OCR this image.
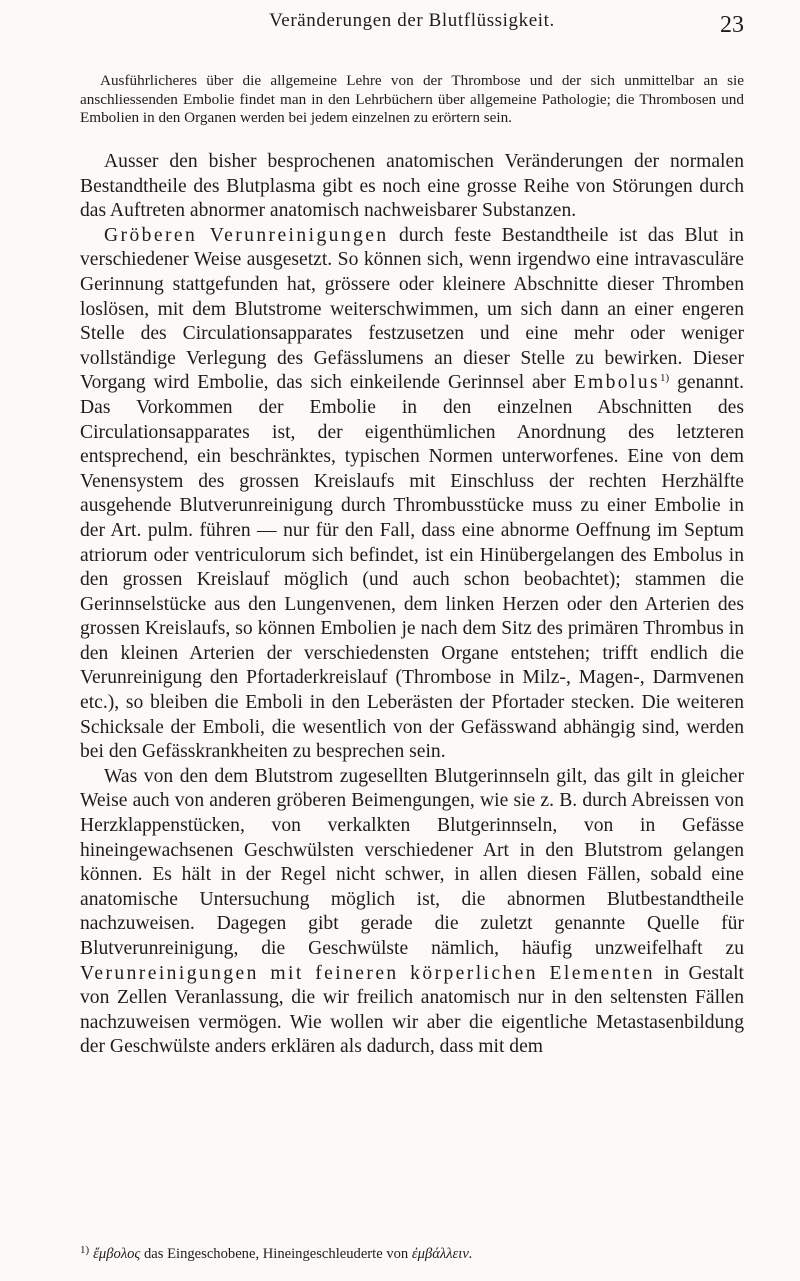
Veränderungen der Blutflüssigkeit.	23

Ausführlicheres über die allgemeine Lehre von der Thrombose und der sich unmittelbar an sie anschliessenden Embolie findet man in den Lehrbüchern über allgemeine Pathologie; die Thrombosen und Embolien in den Organen werden bei jedem einzelnen zu erörtern sein.

Ausser den bisher besprochenen anatomischen Veränderungen der normalen Bestandtheile des Blutplasma gibt es noch eine grosse Reihe von Störungen durch das Auftreten abnormer anatomisch nachweisbarer Substanzen.

Gröberen Verunreinigungen durch feste Bestandtheile ist das Blut in verschiedener Weise ausgesetzt. So können sich, wenn irgendwo eine intravasculäre Gerinnung stattgefunden hat, grössere oder kleinere Abschnitte dieser Thromben loslösen, mit dem Blutstrome weiterschwimmen, um sich dann an einer engeren Stelle des Circulationsapparates festzusetzen und eine mehr oder weniger vollständige Verlegung des Gefässlumens an dieser Stelle zu bewirken. Dieser Vorgang wird Embolie, das sich einkeilende Gerinnsel aber Embolus$^{1)}$ genannt. Das Vorkommen der Embolie in den einzelnen Abschnitten des Circulationsapparates ist, der eigenthümlichen Anordnung des letzteren entsprechend, ein beschränktes, typischen Normen unterworfenes. Eine von dem Venensystem des grossen Kreislaufs mit Einschluss der rechten Herzhälfte ausgehende Blutverunreinigung durch Thrombusstücke muss zu einer Embolie in der Art. pulm. führen — nur für den Fall, dass eine abnorme Oeffnung im Septum atriorum oder ventriculorum sich befindet, ist ein Hinübergelangen des Embolus in den grossen Kreislauf möglich (und auch schon beobachtet); stammen die Gerinnselstücke aus den Lungenvenen, dem linken Herzen oder den Arterien des grossen Kreislaufs, so können Embolien je nach dem Sitz des primären Thrombus in den kleinen Arterien der verschiedensten Organe entstehen; trifft endlich die Verunreinigung den Pfortaderkreislauf (Thrombose in Milz-, Magen-, Darmvenen etc.), so bleiben die Emboli in den Leberästen der Pfortader stecken. Die weiteren Schicksale der Emboli, die wesentlich von der Gefässwand abhängig sind, werden bei den Gefässkrankheiten zu besprechen sein.

Was von den dem Blutstrom zugesellten Blutgerinnseln gilt, das gilt in gleicher Weise auch von anderen gröberen Beimengungen, wie sie z. B. durch Abreissen von Herzklappenstücken, von verkalkten Blutgerinnseln, von in Gefässe hineingewachsenen Geschwülsten verschiedener Art in den Blutstrom gelangen können. Es hält in der Regel nicht schwer, in allen diesen Fällen, sobald eine anatomische Untersuchung möglich ist, die abnormen Blutbestandtheile nachzuweisen. Dagegen gibt gerade die zuletzt genannte Quelle für Blutverunreinigung, die Geschwülste nämlich, häufig unzweifelhaft zu Verunreinigungen mit feineren körperlichen Elementen in Gestalt von Zellen Veranlassung, die wir freilich anatomisch nur in den seltensten Fällen nachzuweisen vermögen. Wie wollen wir aber die eigentliche Metastasenbildung der Geschwülste anders erklären als dadurch, dass mit dem

$^{1)}$ ἔμβολος das Eingeschobene, Hineingeschleuderte von ἐμβάλλειν.
